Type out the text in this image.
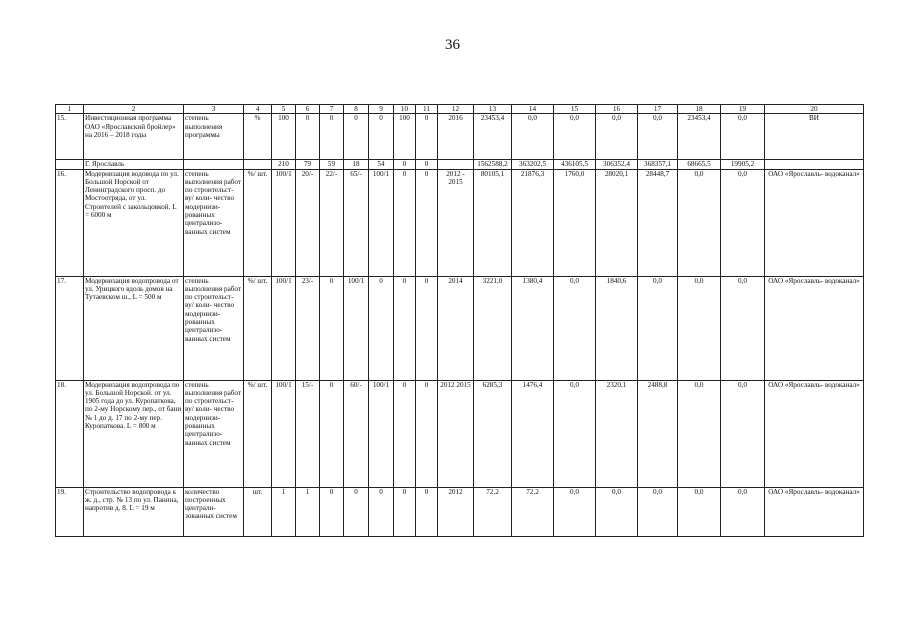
36
1	2	3	4	5	6	7	8	9	10	11	12	13	14	15	16	17	18	19	20
15.	Инвестиционная программа ОАО «Ярославский бройлер» на 2016 – 2018 годы	степень выполнения программы	%	100	0	0	0	0	100	0	2016	23453,4	0,0	0,0	0,0	0,0	23453,4	0,0	ВИ
	Г. Ярославль			210	79	59	18	54	0	0		1562588,2	363202,5	436105,5	306352,4	368357,1	68665,5	19905,2	
16.	Модернизация водовода по ул. Большой Норской от Ленинградского просп. до Мостоотряда, от ул. Строителей с закольцовкой. L = 6000 м	степень выполнения работ по строительст- ву/ коли- чество модернизи- рованных централизо- ванных систем	%/ шт.	100/1	20/-	22/-	65/-	100/1	0	0	2012 - 2015	80105,1	21876,3	1760,0	28020,1	28448,7	0,0	0,0	ОАО «Ярославль- водоканал»
17.	Модернизация водопровода от ул. Урицкого вдоль домов на Тутаевском ш., L = 500 м	степень выполнения работ по строительст- ву/ коли- чество модернизи- рованных централизо- ванных систем	%/ шт.	100/1	23/-	0	100/1	0	0	0	2014	3221,0	1380,4	0,0	1840,6	0,0	0,0	0,0	ОАО «Ярославль- водоканал»
18.	Модернизация водопровода по ул. Большой Норской. от ул. 1905 года до ул. Куропаткова, по 2-му Норскому пер., от бани № 1 до д. 17 по 2-му пер. Куропаткова. L = 800 м	степень выполнения работ по строительст- ву/ коли- чество модернизи- рованных централизо- ванных систем	%/ шт.	100/1	15/-	0	60/-	100/1	0	0	2012 2015	6285,3	1476,4	0,0	2320,1	2488,8	0,0	0,0	ОАО «Ярославль- водоканал»
19.	Строительство водопровода к ж. д., стр. № 13 по ул. Панина, напротив д. 8. L = 19 м	количество построенных централи- зованных систем	шт.	1	1	0	0	0	0	0	2012	72,2	72,2	0,0	0,0	0,0	0,0	0,0	ОАО «Ярославль- водоканал»
